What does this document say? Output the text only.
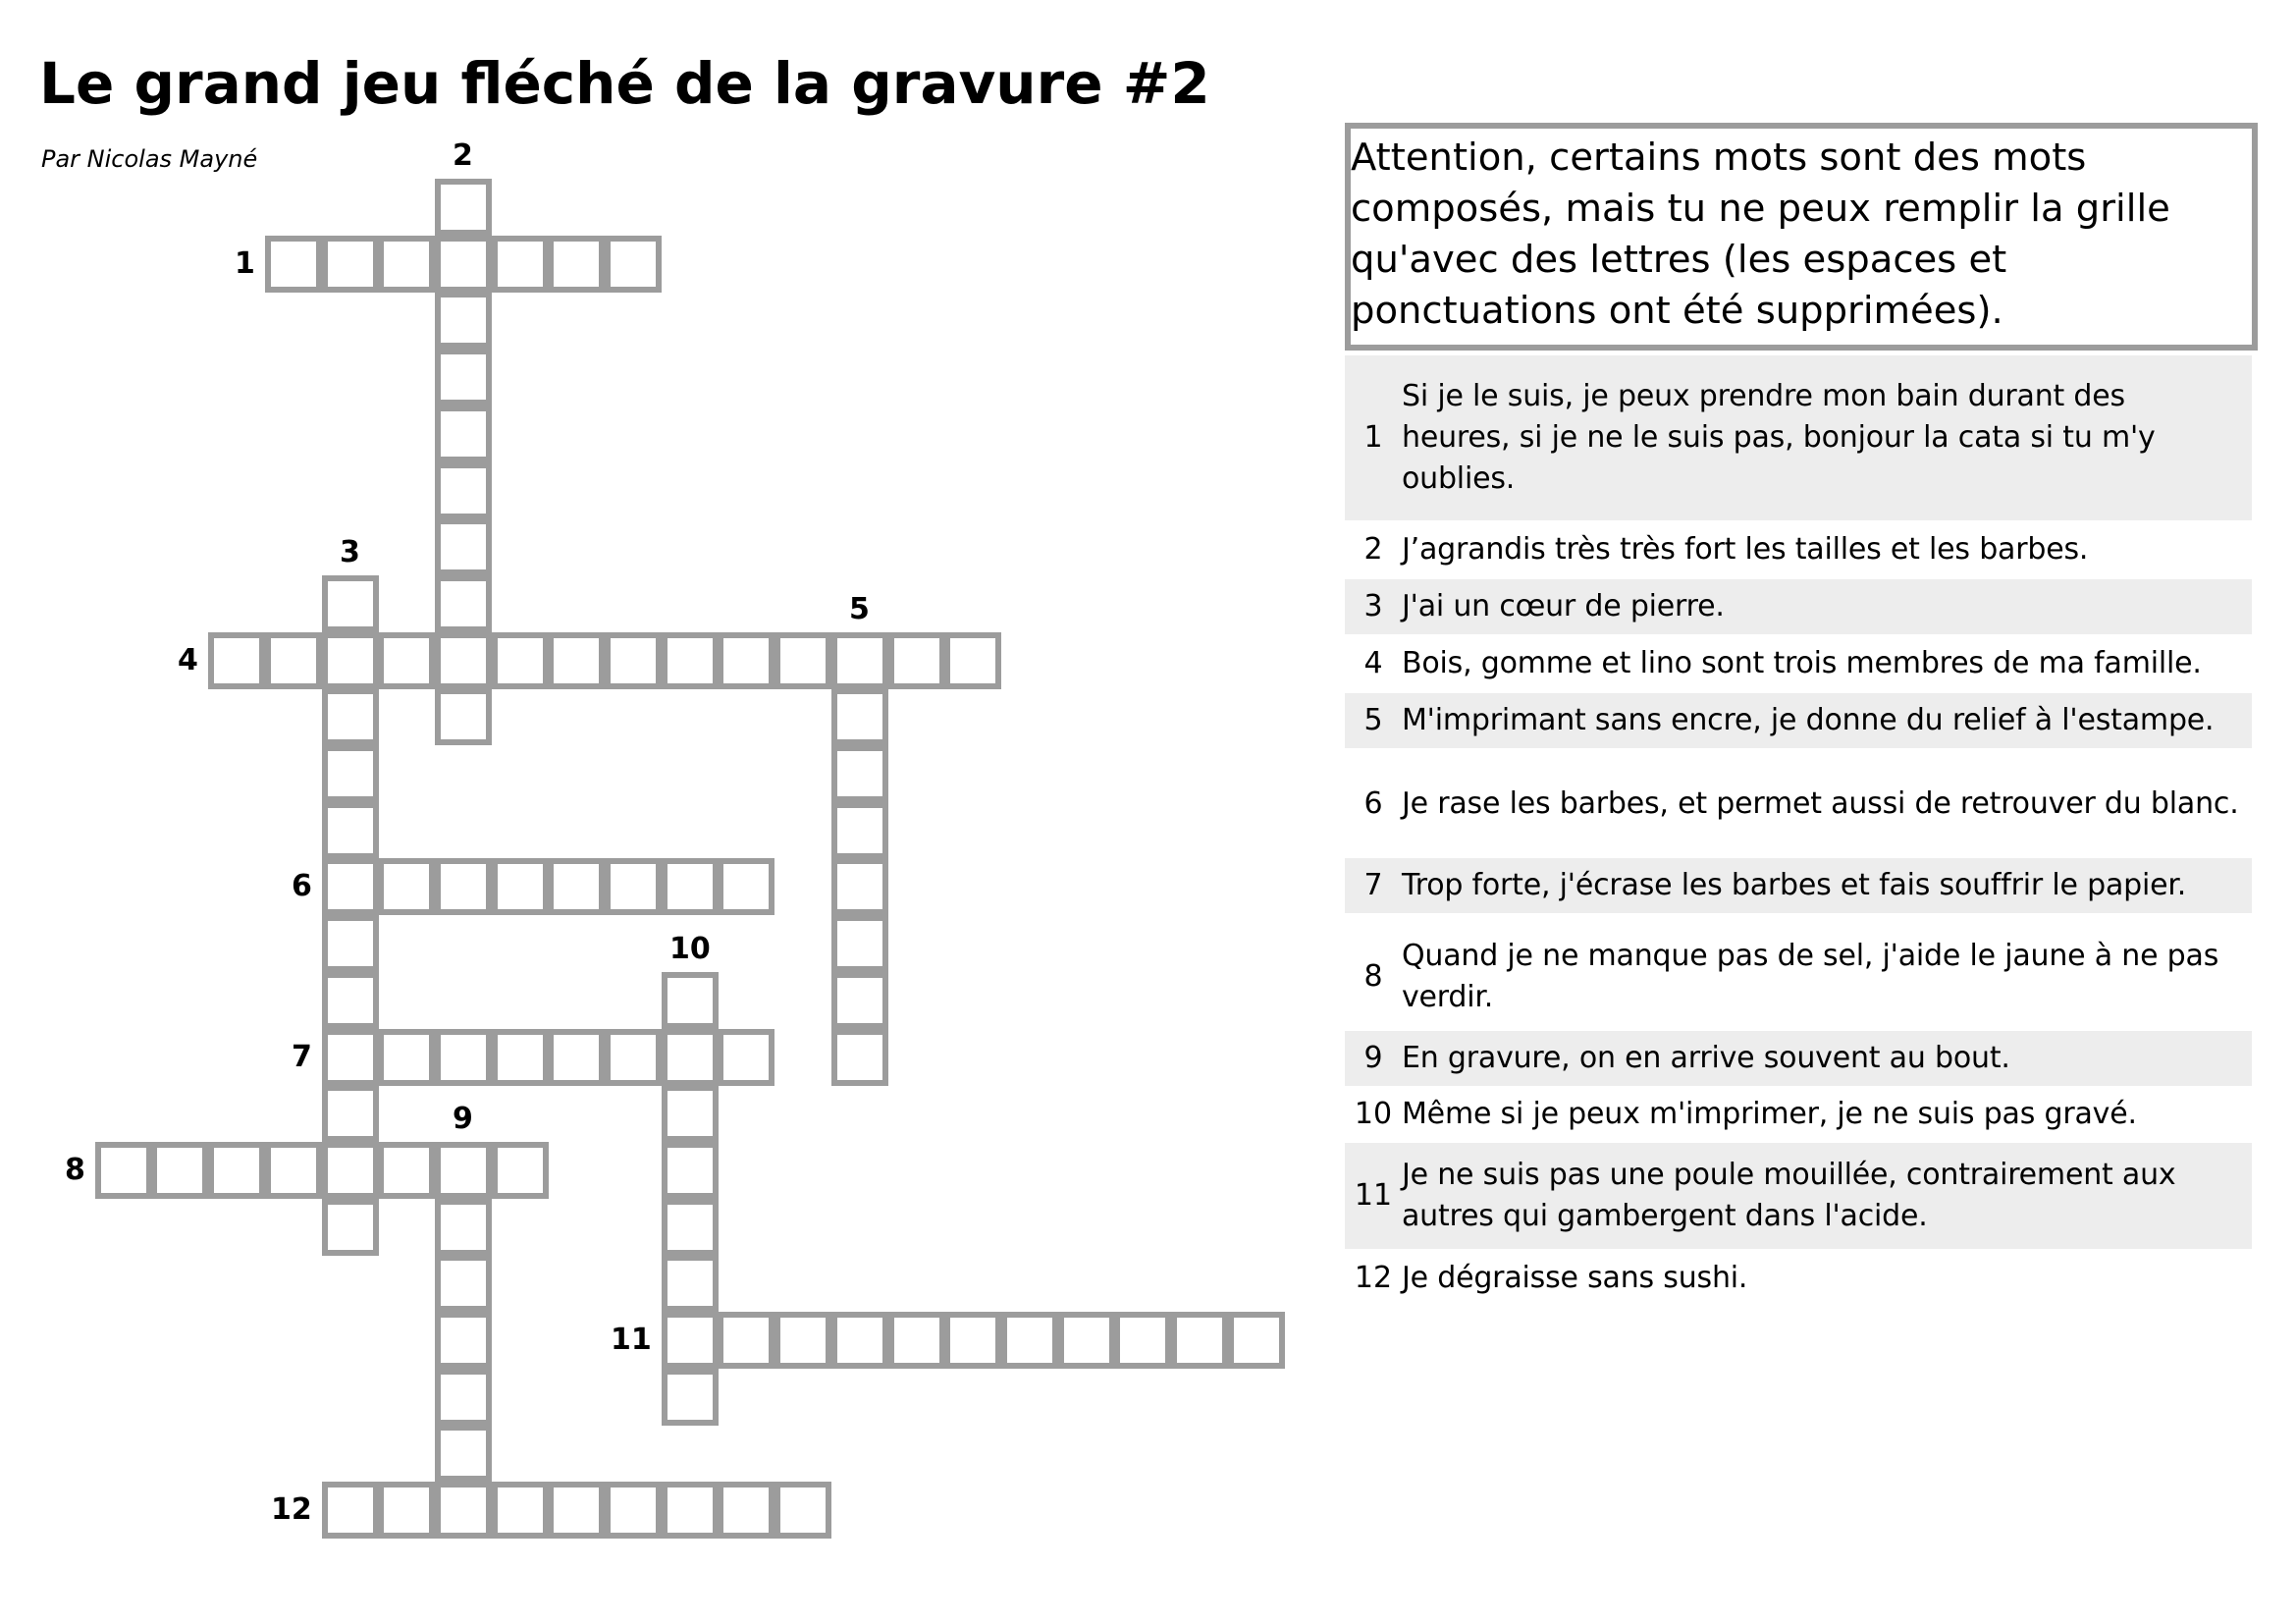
Le grand jeu fléché de la gravure #2
Par Nicolas Mayné
1
2
3
4
5
6
7
8
9
10
11
12
Attention, certains mots sont des mots composés, mais tu ne peux remplir la grille qu'avec des lettres (les espaces et ponctuations ont été supprimées).
1
Si je le suis, je peux prendre mon bain durant des heures, si je ne le suis pas, bonjour la cata si tu m'y oublies.
2 J’agrandis très très fort les tailles et les barbes.
3 J'ai un cœur de pierre.
4 Bois, gomme et lino sont trois membres de ma famille.
5 M'imprimant sans encre, je donne du relief à l'estampe.
6 Je rase les barbes, et permet aussi de retrouver du blanc.
7 Trop forte, j'écrase les barbes et fais souffrir le papier.
8
Quand je ne manque pas de sel, j'aide le jaune à ne pas verdir.
9 En gravure, on en arrive souvent au bout.
10 Même si je peux m'imprimer, je ne suis pas gravé.
11
Je ne suis pas une poule mouillée, contrairement aux autres qui gambergent dans l'acide.
12 Je dégraisse sans sushi.
